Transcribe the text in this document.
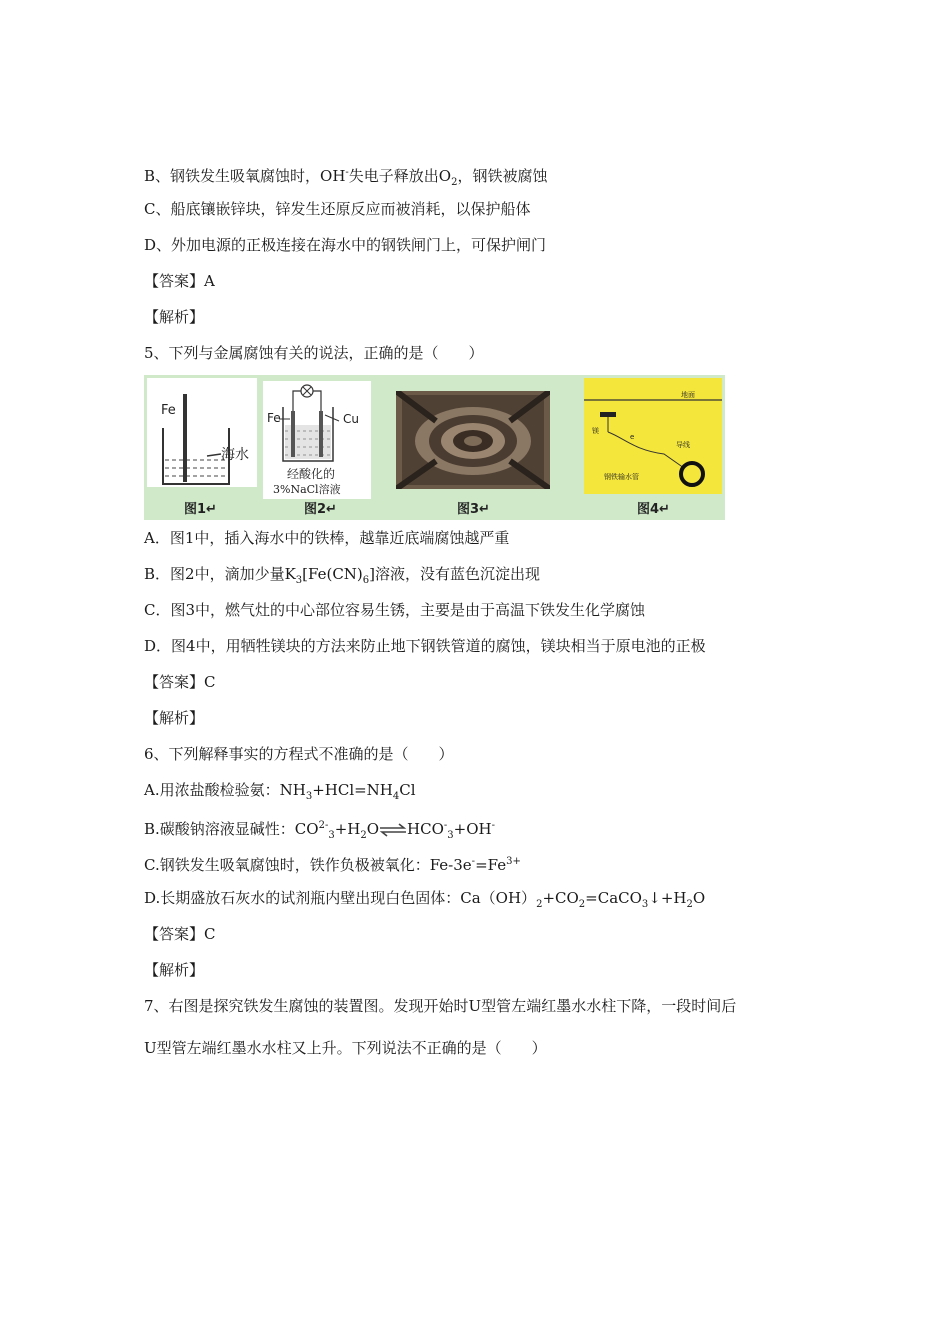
B、钢铁发生吸氧腐蚀时，OH-失电子释放出$O_2$，钢铁被腐蚀
C、船底镶嵌锌块，锌发生还原反应而被消耗，以保护船体
D、外加电源的正极连接在海水中的钢铁闸门上，可保护闸门
【答案】A
【解析】
5、下列与金属腐蚀有关的说法，正确的是（　　）
Fe
海水
图1↵
Fe	Cu
经酸化的
3%NaCl溶液
图2↵	图3↵
地面
镁
e
导线
钢铁输水管
图4↵
A．图1中，插入海水中的铁棒，越靠近底端腐蚀越严重
B．图2中，滴加少量$K_3[Fe(CN)_6]$溶液，没有蓝色沉淀出现
C．图3中，燃气灶的中心部位容易生锈，主要是由于高温下铁发生化学腐蚀
D．图4中，用牺牲镁块的方法来防止地下钢铁管道的腐蚀，镁块相当于原电池的正极
【答案】C
【解析】
6、下列解释事实的方程式不准确的是（　　）
A.用浓盐酸检验氨：$NH_3+HCl=NH_4Cl$
B.碳酸钠溶液显碱性：$CO^{2-}_3+H_2O\rightleftharpoons HCO^-_3+OH^-$
C.钢铁发生吸氧腐蚀时，铁作负极被氧化：$Fe-3e^-=Fe^{3+}$
D.长期盛放石灰水的试剂瓶内壁出现白色固体：$Ca(OH)_2+CO_2=CaCO_3↓+H_2O$
【答案】C
【解析】
7、右图是探究铁发生腐蚀的装置图。发现开始时U型管左端红墨水水柱下降，一段时间后
U型管左端红墨水水柱又上升。下列说法不正确的是（　　）
